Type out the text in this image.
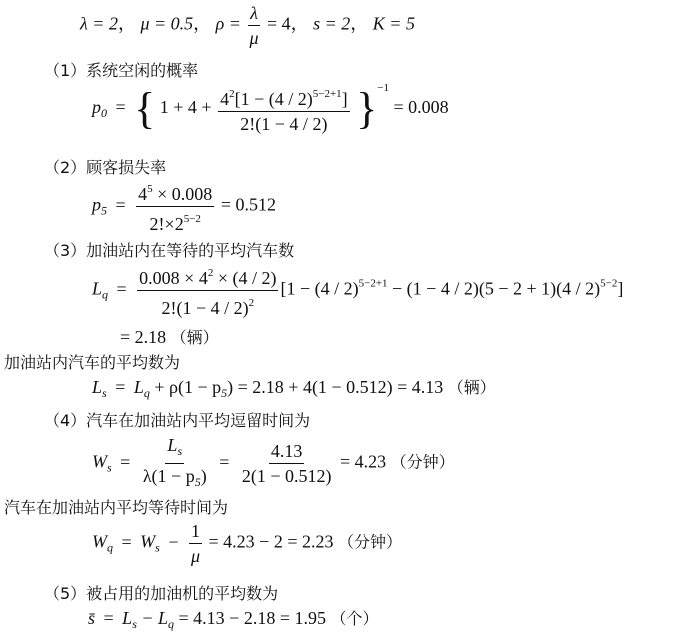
λ = 2， μ = 0.5， $\rho = \frac{\lambda}{\mu} = 4$， s = 2， K = 5
（1）系统空闲的概率
$p_0$ = { $1 + 4 + \frac{4^2[1 - (4 / 2)^{5-2+1}]}{2!(1 - 4 / 2)} \}^{-1} = 0.008$
（2）顾客损失率
$p_5 = \frac{4^5 \times 0.008}{2!\times 2^{5-2}} = 0.512$
（3）加油站内在等待的平均汽车数
$L_q = \frac{0.008 \times 4^2 \times (4 / 2)}{2!(1 - 4 / 2)^2} [1 - (4 / 2)^{5-2+1} - (1 - 4 / 2)(5 - 2 + 1)(4 / 2)^{5-2}]$
= 2.18 （辆）
加油站内汽车的平均数为
$L_s = L_q + \rho(1 - p_5) = 2.18 + 4(1 - 0.512) = 4.13$ （辆）
（4）汽车在加油站内平均逗留时间为
$W_s = \frac{L_s}{\lambda(1 - p_5)} = \frac{4.13}{2(1 - 0.512)} = 4.23$ （分钟）
汽车在加油站内平均等待时间为
$W_q = W_s - \frac{1}{\mu} = 4.23 - 2 = 2.23$ （分钟）
（5）被占用的加油机的平均数为
s̄ = $L_s - L_q = 4.13 - 2.18 = 1.95$ （个）
